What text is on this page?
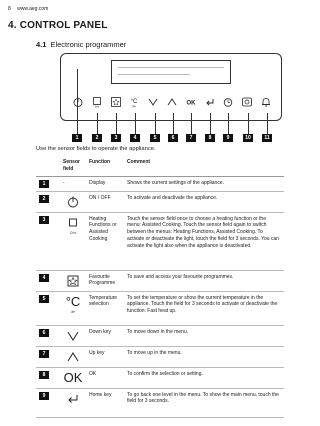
8 www.aeg.com
4. CONTROL PANEL
4.1 Electronic programmer
0:h
°C
≫	OK
1	2	3	4	5	6	7	8	9	10	11
Use the sensor fields to operate the appliance.
	Sensor field	Function	Comment
1	-	Display	Shows the current settings of the appliance.
2		ON / OFF	To activate and deactivate the appliance.
3	0:h	Heating Functions or Assisted Cooking	Touch the sensor field once to choose a heating function or the menu: Assisted Cooking. Touch the sensor field again to switch between the menus: Heating Functions, Assisted Cooking. To activate or deactivate the light, touch the field for 3 seconds. You can activate the light also when the appliance is deactivated.
4		Favourite Programme	To save and access your favourite programmes.
5	°C
≫	Temperature selection	To set the temperature or show the current temperature in the appliance. Touch the field for 3 seconds to activate or deactivate the function: Fast heat up.
6		Down key	To move down in the menu.
7		Up key	To move up in the menu.
8	OK	OK	To confirm the selection or setting.
9		Home key	To go back one level in the menu. To show the main menu, touch the field for 3 seconds.
